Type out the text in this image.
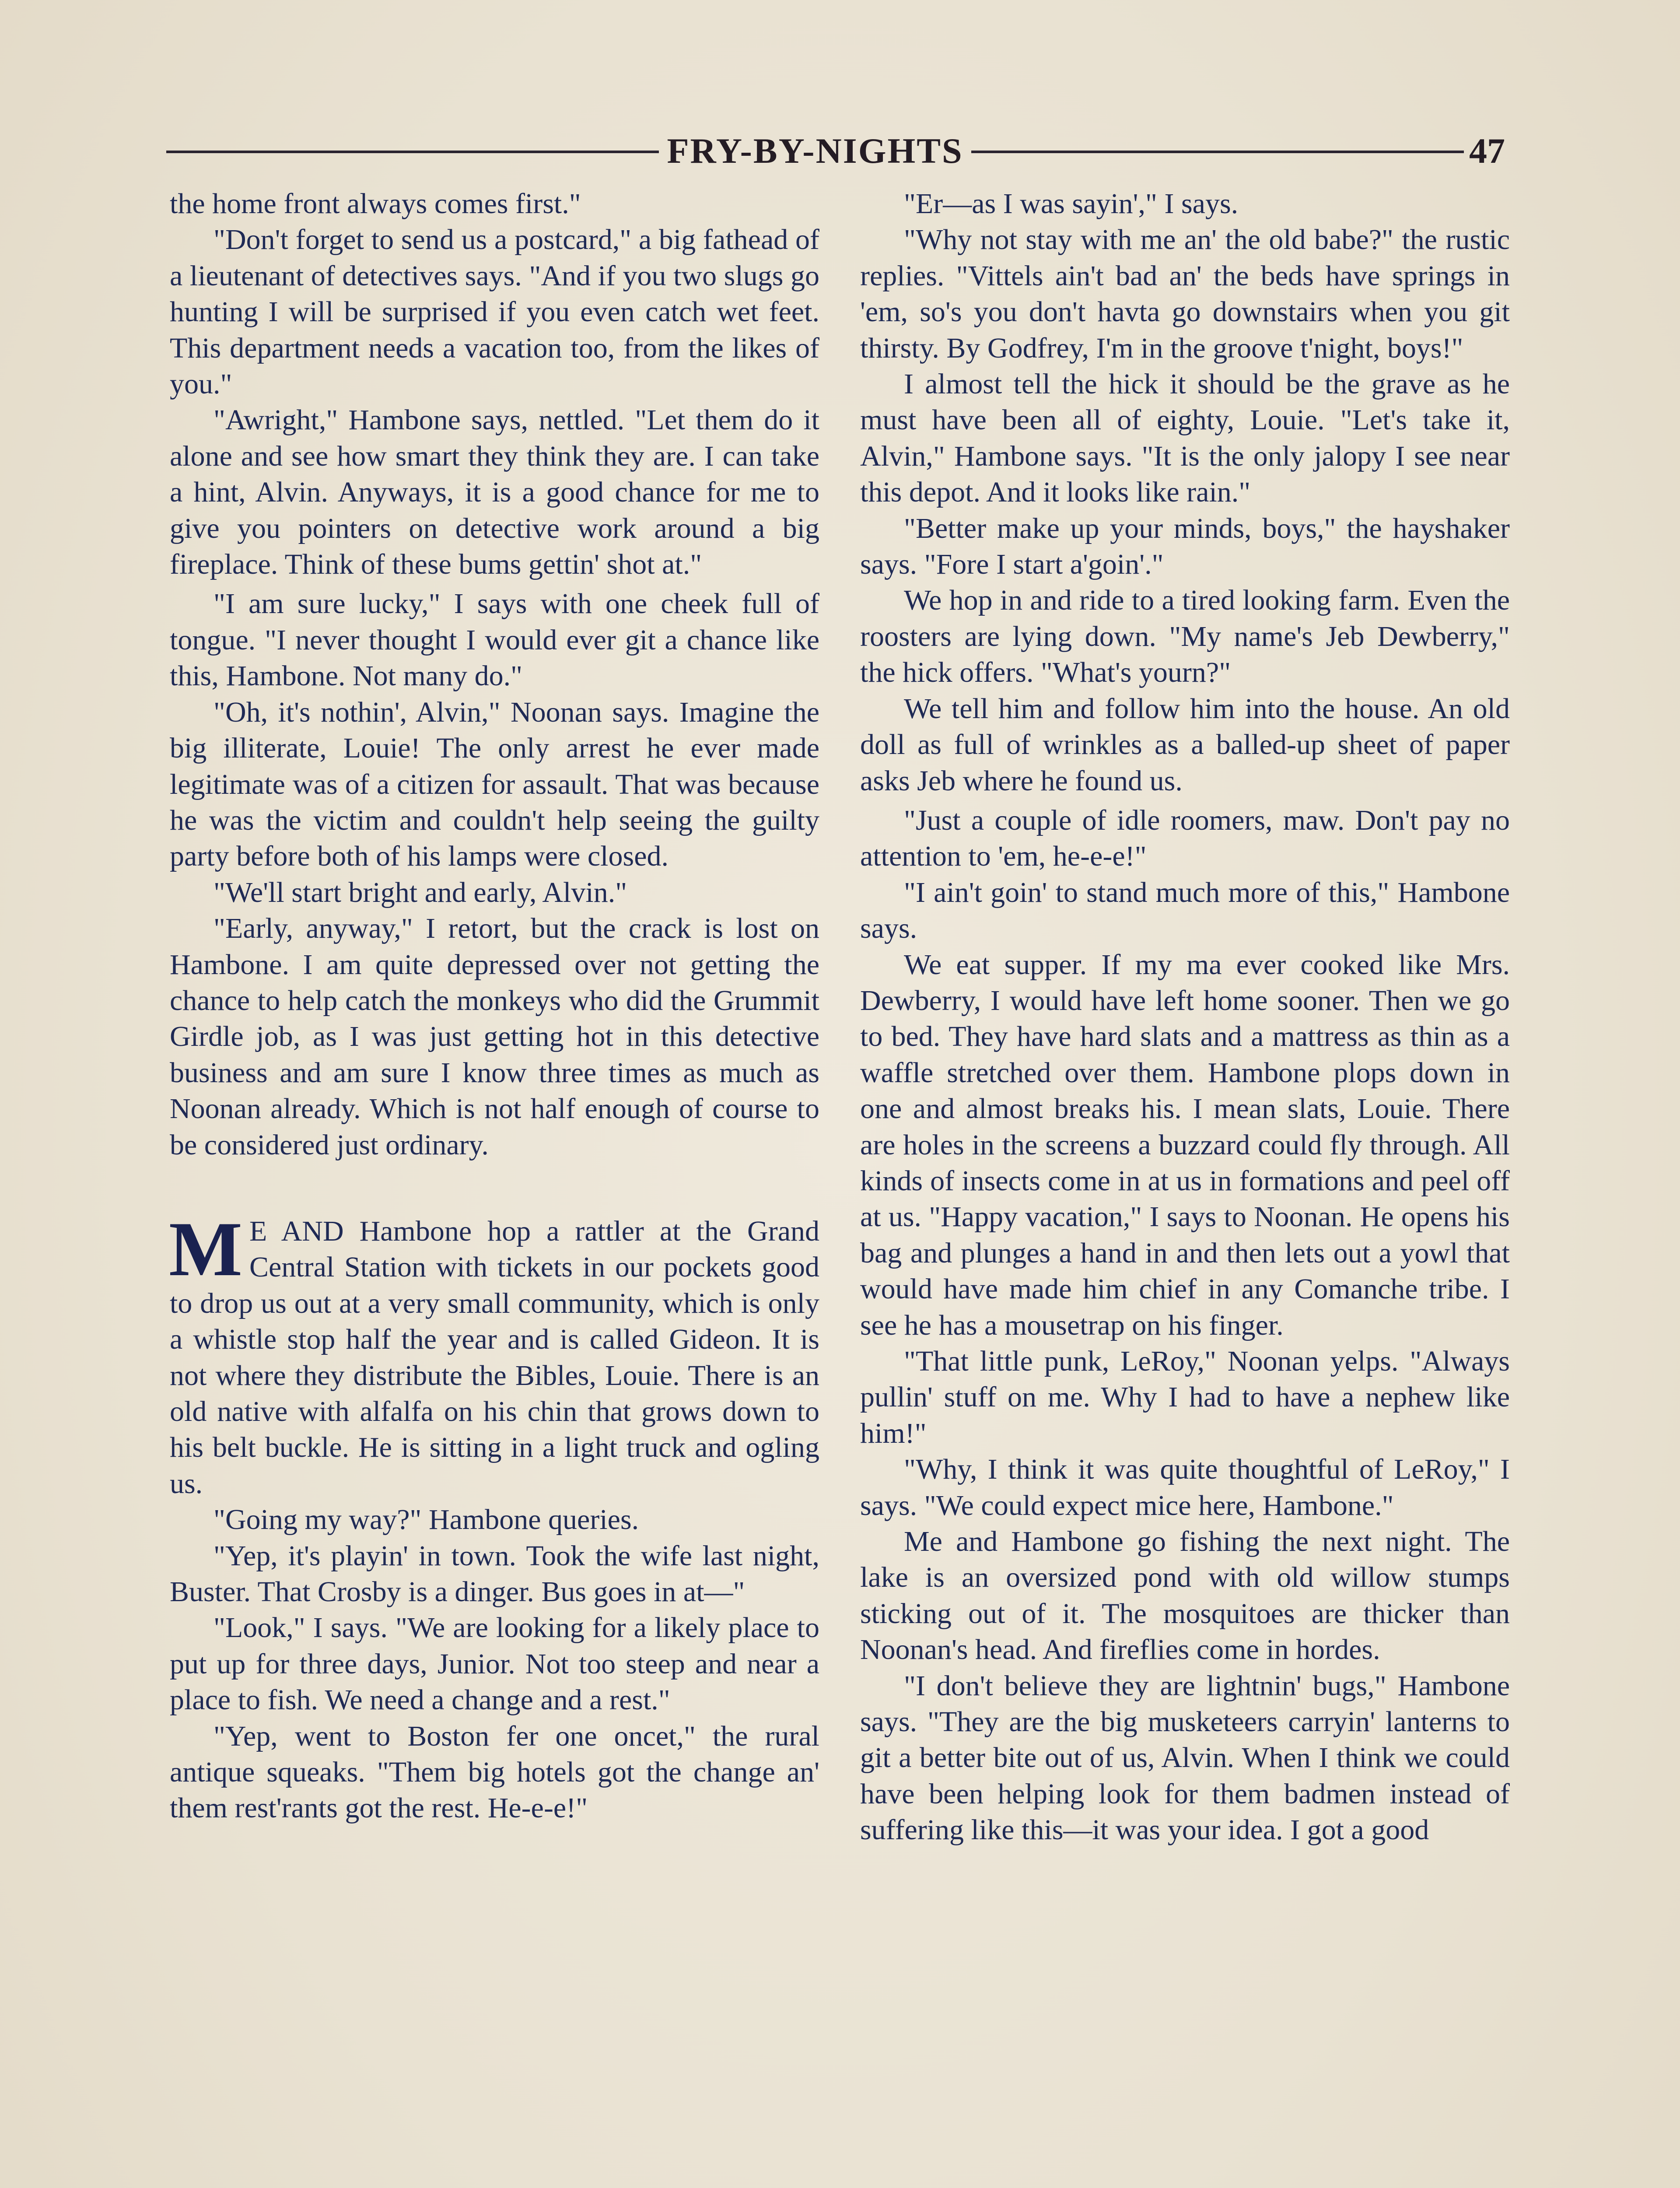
FRY-BY-NIGHTS	47

the home front always comes first."

"Don't forget to send us a postcard," a big fathead of a lieutenant of detectives says. "And if you two slugs go hunting I will be surprised if you even catch wet feet. This department needs a vacation too, from the likes of you."

"Awright," Hambone says, nettled. "Let them do it alone and see how smart they think they are. I can take a hint, Alvin. Anyways, it is a good chance for me to give you pointers on detective work around a big fireplace. Think of these bums gettin' shot at."

"I am sure lucky," I says with one cheek full of tongue. "I never thought I would ever git a chance like this, Hambone. Not many do."

"Oh, it's nothin', Alvin," Noonan says. Imagine the big illiterate, Louie! The only arrest he ever made legitimate was of a citizen for assault. That was because he was the victim and couldn't help seeing the guilty party before both of his lamps were closed.

"We'll start bright and early, Alvin."

"Early, anyway," I retort, but the crack is lost on Hambone. I am quite depressed over not getting the chance to help catch the monkeys who did the Grummit Girdle job, as I was just getting hot in this detective business and am sure I know three times as much as Noonan already. Which is not half enough of course to be considered just ordinary.

M E AND Hambone hop a rattler at the Grand Central Station with tickets in our pockets good to drop us out at a very small community, which is only a whistle stop half the year and is called Gideon. It is not where they distribute the Bibles, Louie. There is an old native with alfalfa on his chin that grows down to his belt buckle. He is sitting in a light truck and ogling us.

"Going my way?" Hambone queries.

"Yep, it's playin' in town. Took the wife last night, Buster. That Crosby is a dinger. Bus goes in at—"

"Look," I says. "We are looking for a likely place to put up for three days, Junior. Not too steep and near a place to fish. We need a change and a rest."

"Yep, went to Boston fer one oncet," the rural antique squeaks. "Them big hotels got the change an' them rest'rants got the rest. He-e-e!"

"Er—as I was sayin'," I says.

"Why not stay with me an' the old babe?" the rustic replies. "Vittels ain't bad an' the beds have springs in 'em, so's you don't havta go downstairs when you git thirsty. By Godfrey, I'm in the groove t'night, boys!"

I almost tell the hick it should be the grave as he must have been all of eighty, Louie. "Let's take it, Alvin," Hambone says. "It is the only jalopy I see near this depot. And it looks like rain."

"Better make up your minds, boys," the hayshaker says. "Fore I start a'goin'."

We hop in and ride to a tired looking farm. Even the roosters are lying down. "My name's Jeb Dewberry," the hick offers. "What's yourn?"

We tell him and follow him into the house. An old doll as full of wrinkles as a balled-up sheet of paper asks Jeb where he found us.

"Just a couple of idle roomers, maw. Don't pay no attention to 'em, he-e-e!"

"I ain't goin' to stand much more of this," Hambone says.

We eat supper. If my ma ever cooked like Mrs. Dewberry, I would have left home sooner. Then we go to bed. They have hard slats and a mattress as thin as a waffle stretched over them. Hambone plops down in one and almost breaks his. I mean slats, Louie. There are holes in the screens a buzzard could fly through. All kinds of insects come in at us in formations and peel off at us. "Happy vacation," I says to Noonan. He opens his bag and plunges a hand in and then lets out a yowl that would have made him chief in any Comanche tribe. I see he has a mousetrap on his finger.

"That little punk, LeRoy," Noonan yelps. "Always pullin' stuff on me. Why I had to have a nephew like him!"

"Why, I think it was quite thoughtful of LeRoy," I says. "We could expect mice here, Hambone."

Me and Hambone go fishing the next night. The lake is an oversized pond with old willow stumps sticking out of it. The mosquitoes are thicker than Noonan's head. And fireflies come in hordes.

"I don't believe they are lightnin' bugs," Hambone says. "They are the big musketeers carryin' lanterns to git a better bite out of us, Alvin. When I think we could have been helping look for them badmen instead of suffering like this—it was your idea. I got a good
